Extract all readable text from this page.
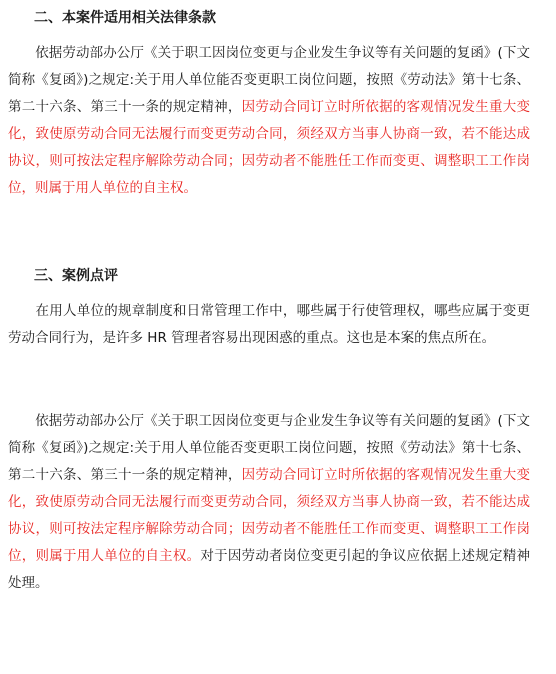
二、本案件适用相关法律条款

　　依据劳动部办公厅《关于职工因岗位变更与企业发生争议等有关问题的复函》(下文简称《复函》)之规定:关于用人单位能否变更职工岗位问题，按照《劳动法》第十七条、第二十六条、第三十一条的规定精神，因劳动合同订立时所依据的客观情况发生重大变化，致使原劳动合同无法履行而变更劳动合同，须经双方当事人协商一致，若不能达成协议，则可按法定程序解除劳动合同；因劳动者不能胜任工作而变更、调整职工工作岗位，则属于用人单位的自主权。

三、案例点评

　　在用人单位的规章制度和日常管理工作中，哪些属于行使管理权，哪些应属于变更劳动合同行为，是许多 HR 管理者容易出现困惑的重点。这也是本案的焦点所在。

　　依据劳动部办公厅《关于职工因岗位变更与企业发生争议等有关问题的复函》(下文简称《复函》)之规定:关于用人单位能否变更职工岗位问题，按照《劳动法》第十七条、第二十六条、第三十一条的规定精神，因劳动合同订立时所依据的客观情况发生重大变化，致使原劳动合同无法履行而变更劳动合同，须经双方当事人协商一致，若不能达成协议，则可按法定程序解除劳动合同；因劳动者不能胜任工作而变更、调整职工工作岗位，则属于用人单位的自主权。对于因劳动者岗位变更引起的争议应依据上述规定精神处理。
